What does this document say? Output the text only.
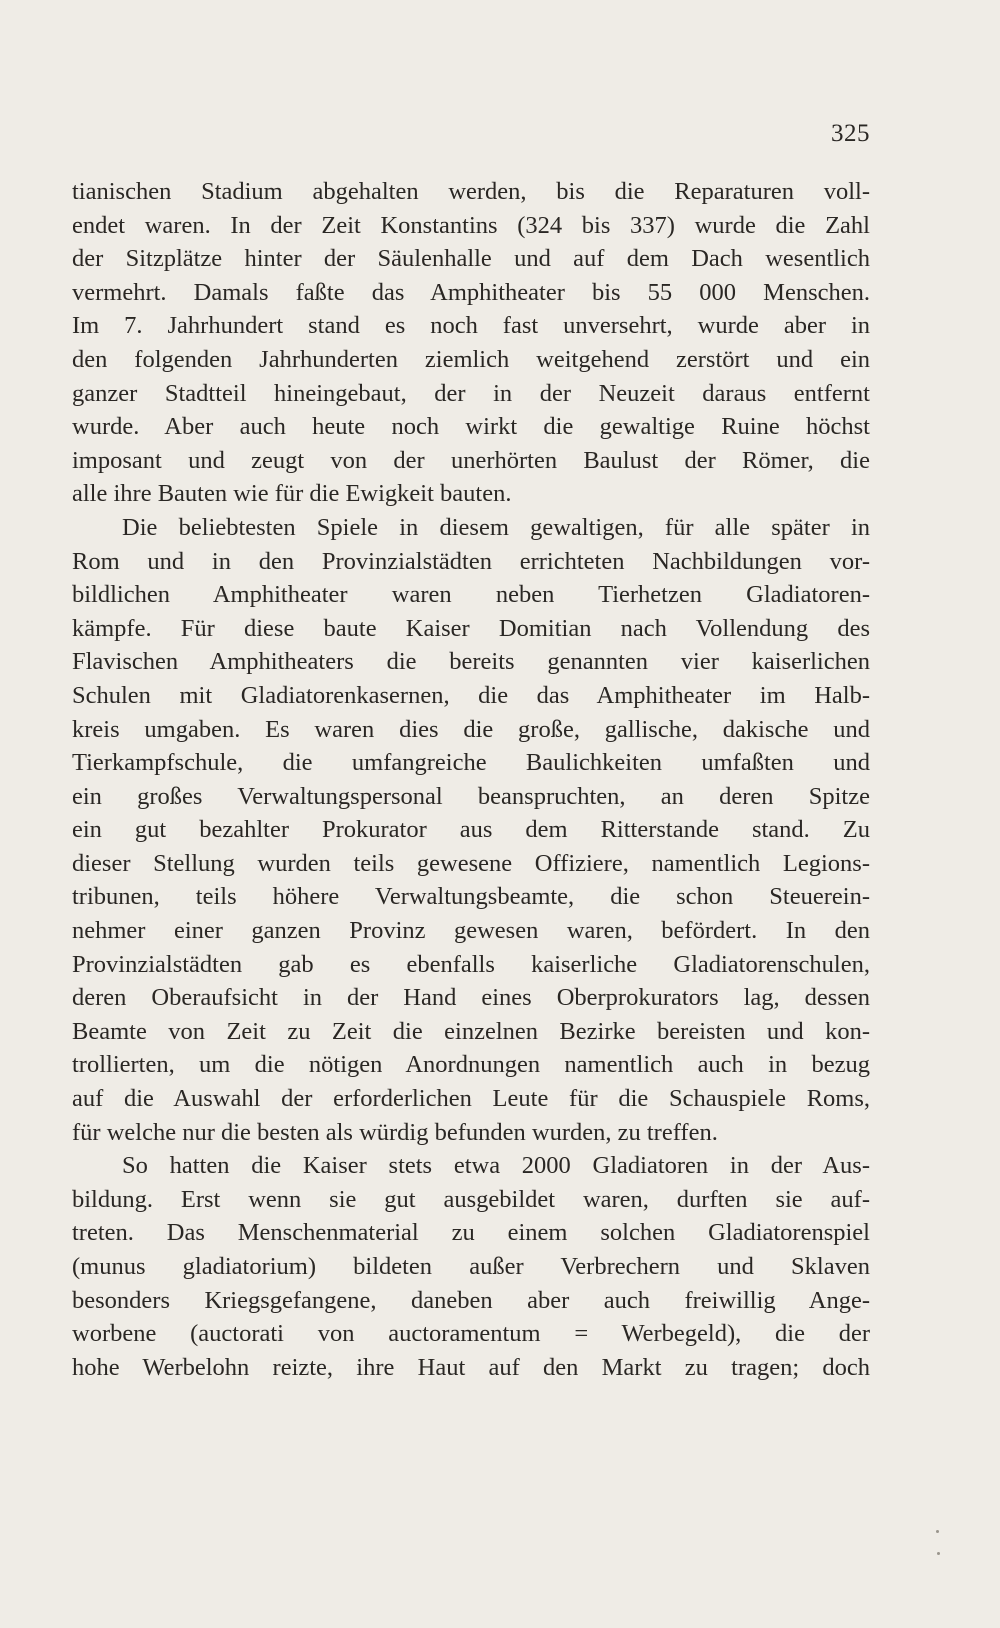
325
tianischen Stadium abgehalten werden, bis die Reparaturen voll-
endet waren. In der Zeit Konstantins (324 bis 337) wurde die Zahl
der Sitzplätze hinter der Säulenhalle und auf dem Dach wesentlich
vermehrt. Damals faßte das Amphitheater bis 55 000 Menschen.
Im 7. Jahrhundert stand es noch fast unversehrt, wurde aber in
den folgenden Jahrhunderten ziemlich weitgehend zerstört und ein
ganzer Stadtteil hineingebaut, der in der Neuzeit daraus entfernt
wurde. Aber auch heute noch wirkt die gewaltige Ruine höchst
imposant und zeugt von der unerhörten Baulust der Römer, die
alle ihre Bauten wie für die Ewigkeit bauten.
Die beliebtesten Spiele in diesem gewaltigen, für alle später in
Rom und in den Provinzialstädten errichteten Nachbildungen vor-
bildlichen Amphitheater waren neben Tierhetzen Gladiatoren-
kämpfe. Für diese baute Kaiser Domitian nach Vollendung des
Flavischen Amphitheaters die bereits genannten vier kaiserlichen
Schulen mit Gladiatorenkasernen, die das Amphitheater im Halb-
kreis umgaben. Es waren dies die große, gallische, dakische und
Tierkampfschule, die umfangreiche Baulichkeiten umfaßten und
ein großes Verwaltungspersonal beanspruchten, an deren Spitze
ein gut bezahlter Prokurator aus dem Ritterstande stand. Zu
dieser Stellung wurden teils gewesene Offiziere, namentlich Legions-
tribunen, teils höhere Verwaltungsbeamte, die schon Steuerein-
nehmer einer ganzen Provinz gewesen waren, befördert. In den
Provinzialstädten gab es ebenfalls kaiserliche Gladiatorenschulen,
deren Oberaufsicht in der Hand eines Oberprokurators lag, dessen
Beamte von Zeit zu Zeit die einzelnen Bezirke bereisten und kon-
trollierten, um die nötigen Anordnungen namentlich auch in bezug
auf die Auswahl der erforderlichen Leute für die Schauspiele Roms,
für welche nur die besten als würdig befunden wurden, zu treffen.
So hatten die Kaiser stets etwa 2000 Gladiatoren in der Aus-
bildung. Erst wenn sie gut ausgebildet waren, durften sie auf-
treten. Das Menschenmaterial zu einem solchen Gladiatorenspiel
(munus gladiatorium) bildeten außer Verbrechern und Sklaven
besonders Kriegsgefangene, daneben aber auch freiwillig Ange-
worbene (auctorati von auctoramentum = Werbegeld), die der
hohe Werbelohn reizte, ihre Haut auf den Markt zu tragen; doch
